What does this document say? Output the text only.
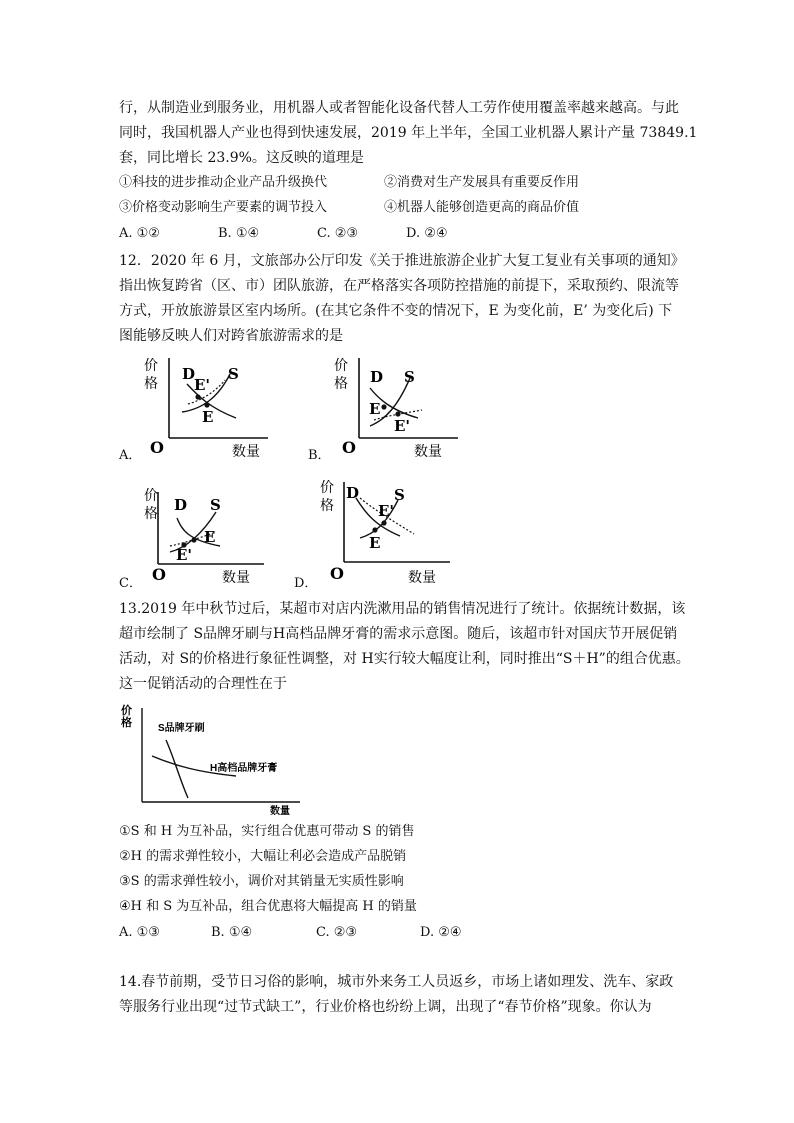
行，从制造业到服务业，用机器人或者智能化设备代替人工劳作使用覆盖率越来越高。与此
同时，我国机器人产业也得到快速发展，2019 年上半年，全国工业机器人累计产量 73849.1
套，同比增长 23.9%。这反映的道理是
①科技的进步推动企业产品升级换代	②消费对生产发展具有重要反作用
③价格变动影响生产要素的调节投入	④机器人能够创造更高的商品价值
A. ①②	B. ①④	C. ②③	D. ②④
12．2020 年 6 月，文旅部办公厅印发《关于推进旅游企业扩大复工复业有关事项的通知》
指出恢复跨省（区、市）团队旅游，在严格落实各项防控措施的前提下，采取预约、限流等
方式，开放旅游景区室内场所。(在其它条件不变的情况下，E 为变化前，E’ 为变化后) 下
图能够反映人们对跨省旅游需求的是
A．
价
格
O	数量
D S
E'
E
B．
价
格
O	数量
D S
E
E'
C．
价
格
O	数量
D S
E
E'
D．
价
格
O	数量
D S
E'
E
13.2019 年中秋节过后，某超市对店内洗漱用品的销售情况进行了统计。依据统计数据，该
超市绘制了 S品牌牙刷与H高档品牌牙膏的需求示意图。随后，该超市针对国庆节开展促销
活动，对 S的价格进行象征性调整，对 H实行较大幅度让利，同时推出“S＋H”的组合优惠。
这一促销活动的合理性在于
价
格
数量
S品牌牙刷
H高档品牌牙膏
①S 和 H 为互补品，实行组合优惠可带动 S 的销售
②H 的需求弹性较小，大幅让利必会造成产品脱销
③S 的需求弹性较小，调价对其销量无实质性影响
④H 和 S 为互补品，组合优惠将大幅提高 H 的销量
A. ①③	B. ①④	C. ②③	D. ②④
14.春节前期，受节日习俗的影响，城市外来务工人员返乡，市场上诸如理发、洗车、家政
等服务行业出现“过节式缺工”，行业价格也纷纷上调，出现了“春节价格”现象。你认为
